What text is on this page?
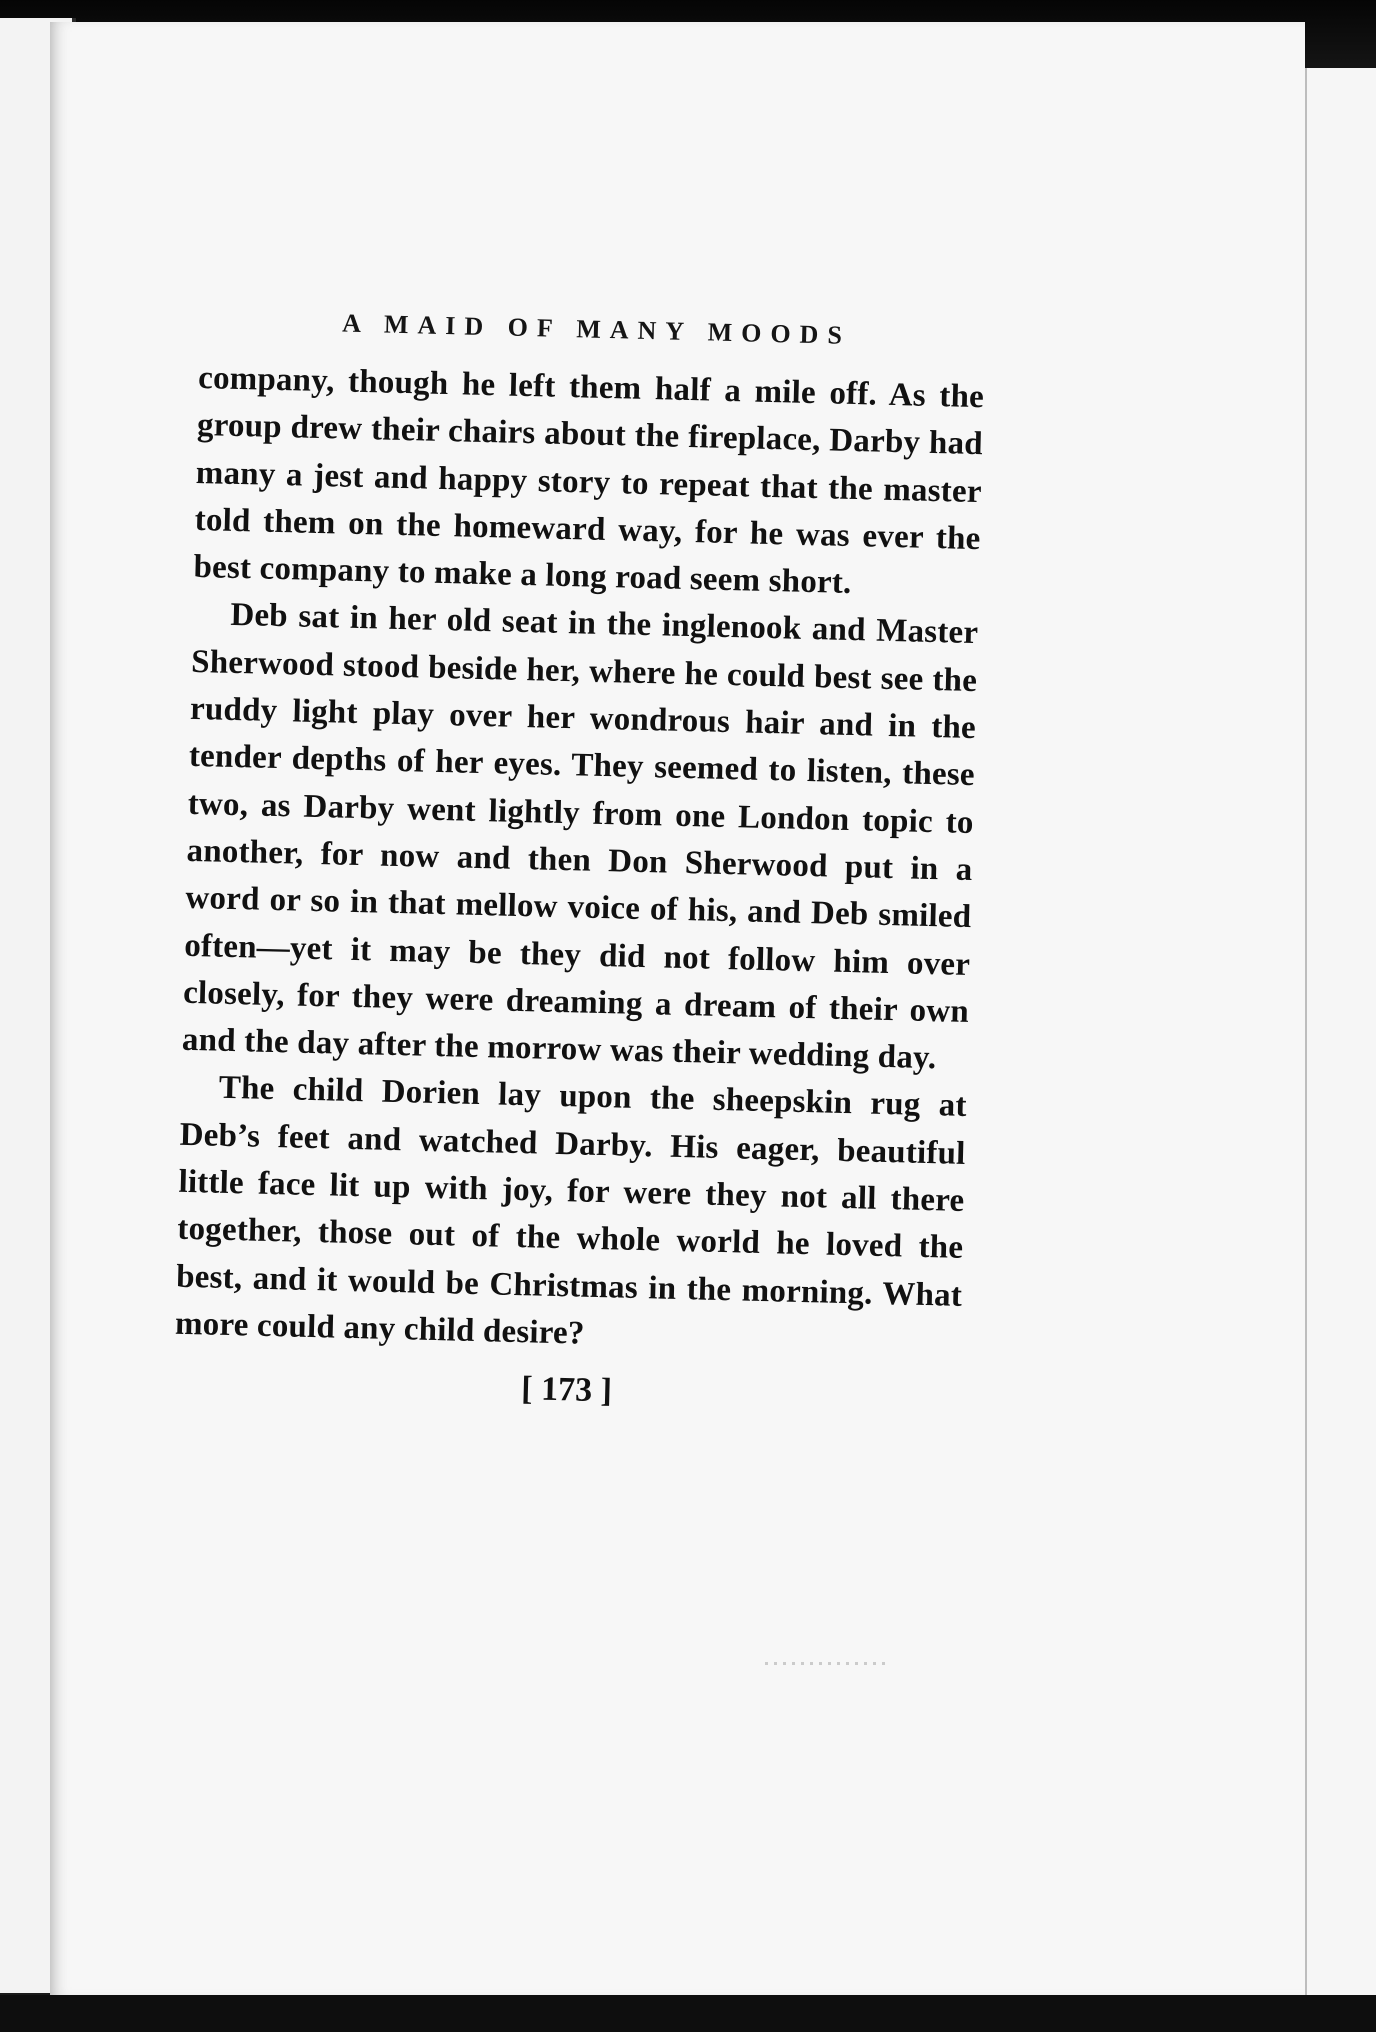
A MAID OF MANY MOODS

company, though he left them half a mile off. As the group drew their chairs about the fireplace, Darby had many a jest and happy story to repeat that the master told them on the homeward way, for he was ever the best company to make a long road seem short.

Deb sat in her old seat in the inglenook and Master Sherwood stood beside her, where he could best see the ruddy light play over her wondrous hair and in the tender depths of her eyes. They seemed to listen, these two, as Darby went lightly from one London topic to another, for now and then Don Sherwood put in a word or so in that mellow voice of his, and Deb smiled often—yet it may be they did not follow him over closely, for they were dreaming a dream of their own and the day after the morrow was their wedding day.

The child Dorien lay upon the sheepskin rug at Deb’s feet and watched Darby. His eager, beautiful little face lit up with joy, for were they not all there together, those out of the whole world he loved the best, and it would be Christmas in the morning. What more could any child desire?

[ 173 ]
